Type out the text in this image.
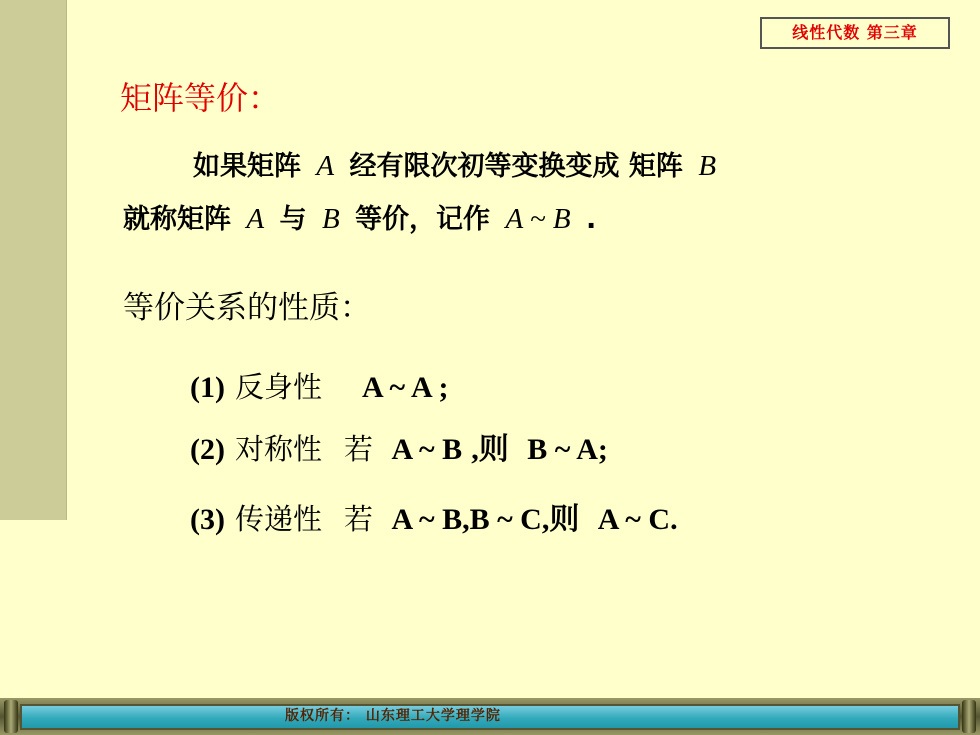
线性代数 第三章
矩阵等价：
如果矩阵 A 经有限次初等变换变成 矩阵 B
就称矩阵 A 与 B 等价，记作 A ~ B .
等价关系的性质：
(1) 反身性 A ~ A ;
(2) 对称性 若 A ~ B ,则 B ~ A;
(3) 传递性 若 A ~ B,B ~ C,则 A ~ C.
版权所有： 山东理工大学理学院
